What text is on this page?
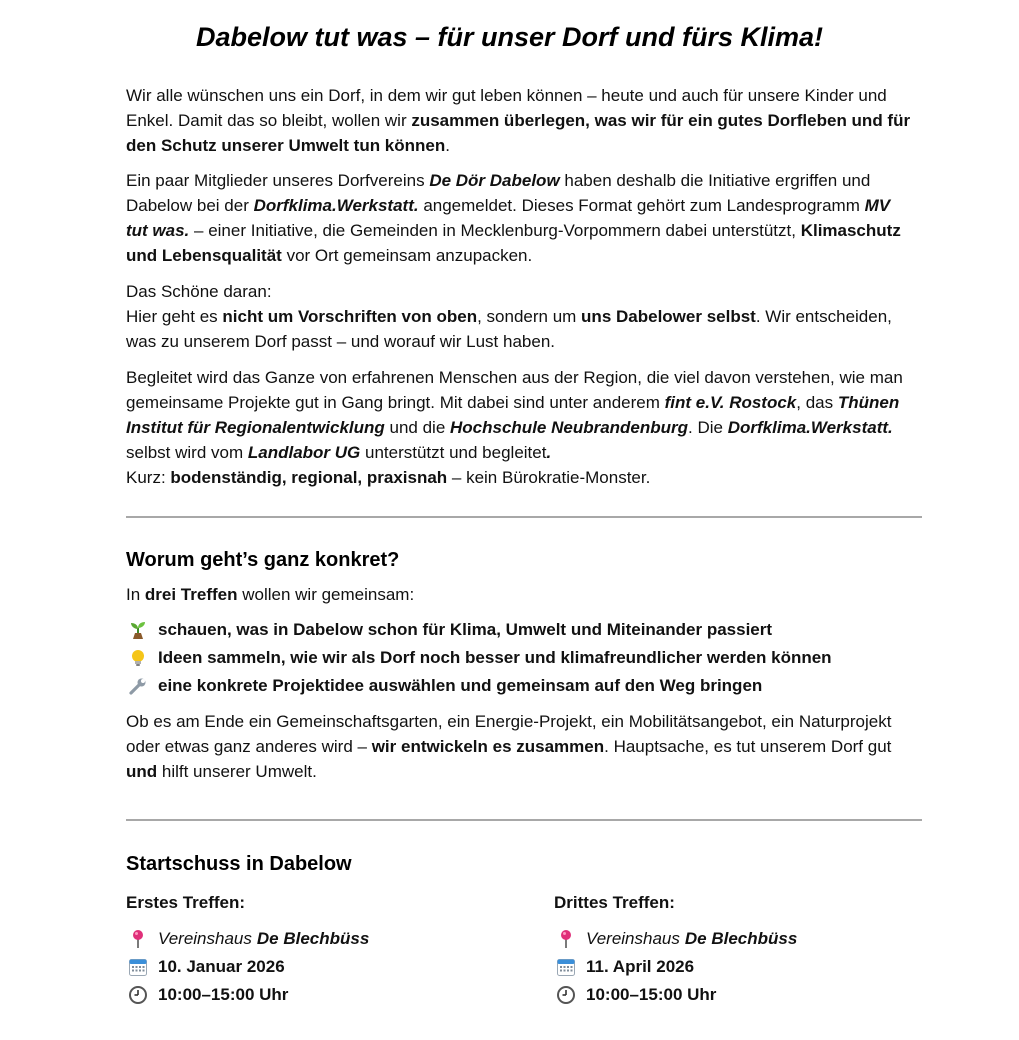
Dabelow tut was – für unser Dorf und fürs Klima!

Wir alle wünschen uns ein Dorf, in dem wir gut leben können – heute und auch für unsere Kinder und Enkel. Damit das so bleibt, wollen wir zusammen überlegen, was wir für ein gutes Dorfleben und für den Schutz unserer Umwelt tun können.

Ein paar Mitglieder unseres Dorfvereins De Dör Dabelow haben deshalb die Initiative ergriffen und Dabelow bei der Dorfklima.Werkstatt. angemeldet. Dieses Format gehört zum Landesprogramm MV tut was. – einer Initiative, die Gemeinden in Mecklenburg-Vorpommern dabei unterstützt, Klimaschutz und Lebensqualität vor Ort gemeinsam anzupacken.

Das Schöne daran:
Hier geht es nicht um Vorschriften von oben, sondern um uns Dabelower selbst. Wir entscheiden, was zu unserem Dorf passt – und worauf wir Lust haben.

Begleitet wird das Ganze von erfahrenen Menschen aus der Region, die viel davon verstehen, wie man gemeinsame Projekte gut in Gang bringt. Mit dabei sind unter anderem fint e.V. Rostock, das Thünen Institut für Regionalentwicklung und die Hochschule Neubrandenburg. Die Dorfklima.Werkstatt. selbst wird vom Landlabor UG unterstützt und begleitet.
Kurz: bodenständig, regional, praxisnah – kein Bürokratie-Monster.

Worum geht’s ganz konkret?

In drei Treffen wollen wir gemeinsam:

schauen, was in Dabelow schon für Klima, Umwelt und Miteinander passiert
Ideen sammeln, wie wir als Dorf noch besser und klimafreundlicher werden können
eine konkrete Projektidee auswählen und gemeinsam auf den Weg bringen

Ob es am Ende ein Gemeinschaftsgarten, ein Energie-Projekt, ein Mobilitätsangebot, ein Naturprojekt oder etwas ganz anderes wird – wir entwickeln es zusammen. Hauptsache, es tut unserem Dorf gut und hilft unserer Umwelt.

Startschuss in Dabelow
Erstes Treffen:
Vereinshaus De Blechbüss
10. Januar 2026
10:00–15:00 Uhr
Drittes Treffen:
Vereinshaus De Blechbüss
11. April 2026
10:00–15:00 Uhr
